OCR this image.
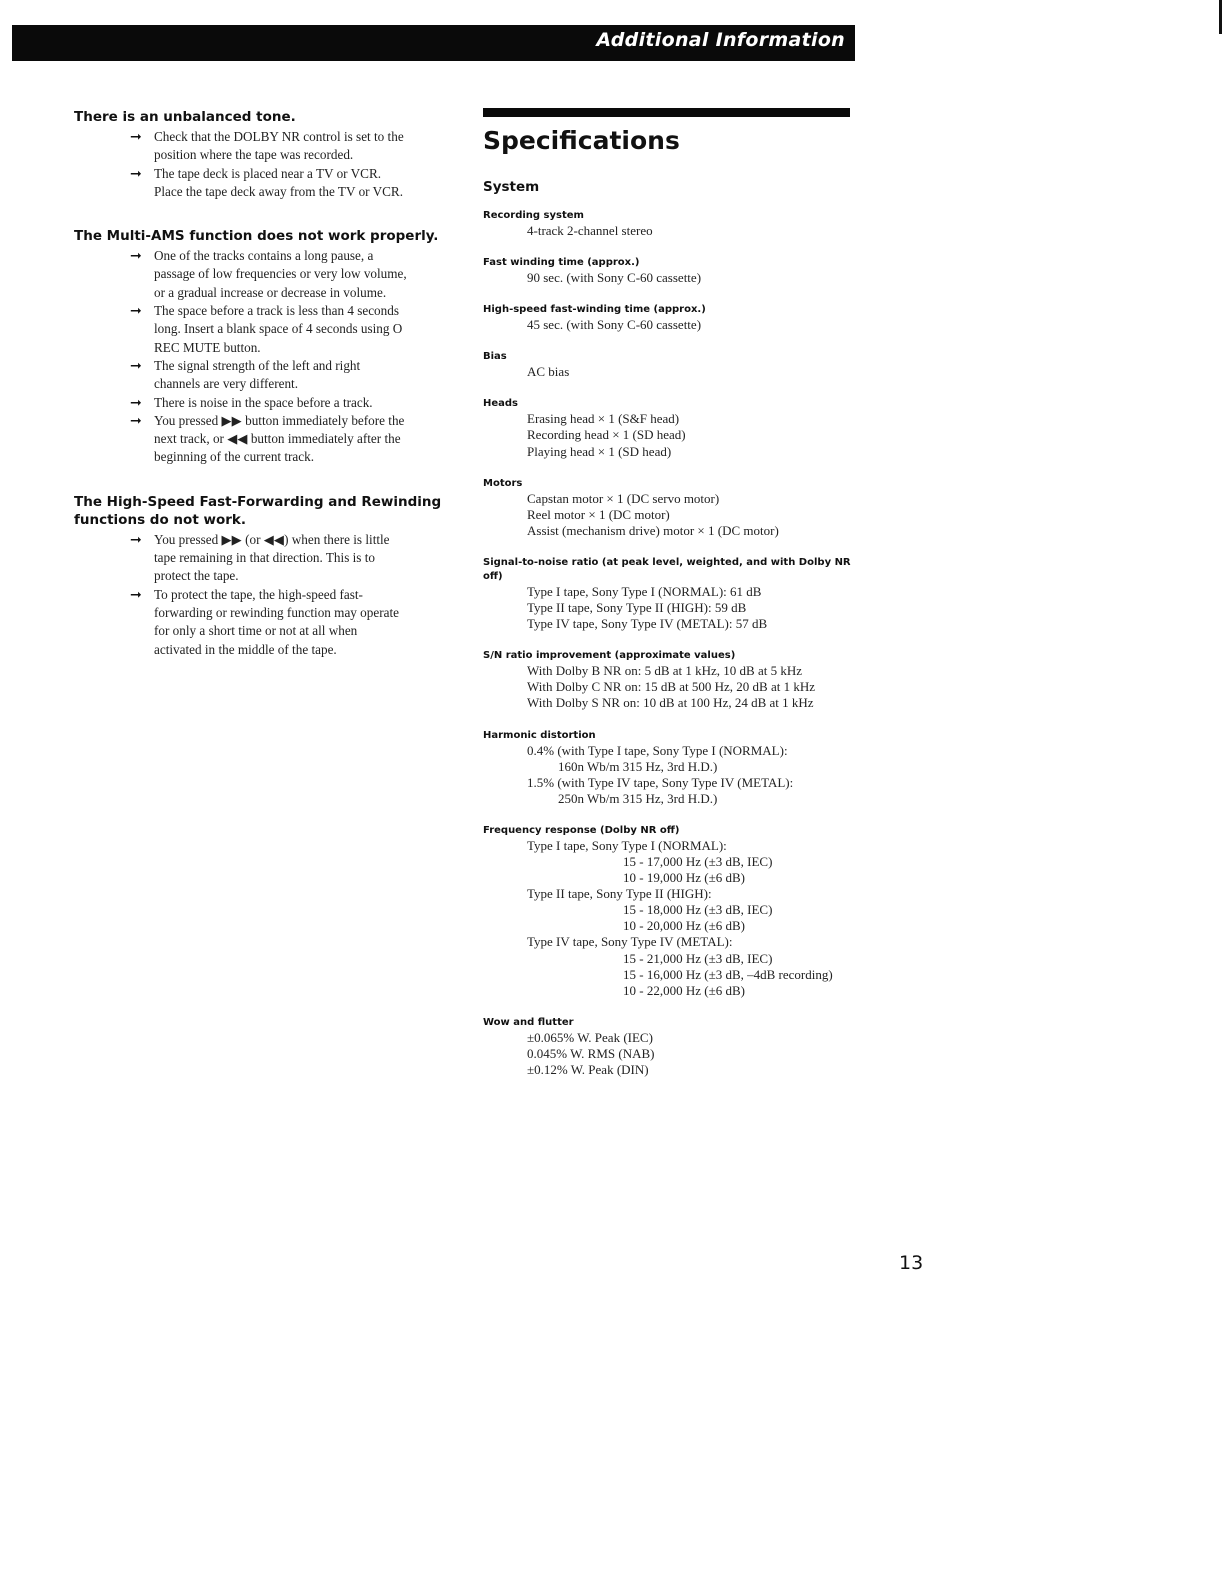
Additional Information
There is an unbalanced tone.
➞ Check that the DOLBY NR control is set to the
position where the tape was recorded.
➞ The tape deck is placed near a TV or VCR.
Place the tape deck away from the TV or VCR.
The Multi-AMS function does not work properly.
➞ One of the tracks contains a long pause, a
passage of low frequencies or very low volume,
or a gradual increase or decrease in volume.
➞ The space before a track is less than 4 seconds
long. Insert a blank space of 4 seconds using O
REC MUTE button.
➞ The signal strength of the left and right
channels are very different.
➞ There is noise in the space before a track.
➞ You pressed ▶▶ button immediately before the
next track, or ◀◀ button immediately after the
beginning of the current track.
The High-Speed Fast-Forwarding and Rewinding
functions do not work.
➞ You pressed ▶▶ (or ◀◀) when there is little
tape remaining in that direction. This is to
protect the tape.
➞ To protect the tape, the high-speed fast-
forwarding or rewinding function may operate
for only a short time or not at all when
activated in the middle of the tape.
Specifications
System
Recording system
4-track 2-channel stereo
Fast winding time (approx.)
90 sec. (with Sony C-60 cassette)
High-speed fast-winding time (approx.)
45 sec. (with Sony C-60 cassette)
Bias
AC bias
Heads
Erasing head × 1 (S&F head)
Recording head × 1 (SD head)
Playing head × 1 (SD head)
Motors
Capstan motor × 1 (DC servo motor)
Reel motor × 1 (DC motor)
Assist (mechanism drive) motor × 1 (DC motor)
Signal-to-noise ratio (at peak level, weighted, and with Dolby NR off)
Type I tape, Sony Type I (NORMAL): 61 dB
Type II tape, Sony Type II (HIGH): 59 dB
Type IV tape, Sony Type IV (METAL): 57 dB
S/N ratio improvement (approximate values)
With Dolby B NR on: 5 dB at 1 kHz, 10 dB at 5 kHz
With Dolby C NR on: 15 dB at 500 Hz, 20 dB at 1 kHz
With Dolby S NR on: 10 dB at 100 Hz, 24 dB at 1 kHz
Harmonic distortion
0.4% (with Type I tape, Sony Type I (NORMAL):
160n Wb/m 315 Hz, 3rd H.D.)
1.5% (with Type IV tape, Sony Type IV (METAL):
250n Wb/m 315 Hz, 3rd H.D.)
Frequency response (Dolby NR off)
Type I tape, Sony Type I (NORMAL):
15 - 17,000 Hz (±3 dB, IEC)
10 - 19,000 Hz (±6 dB)
Type II tape, Sony Type II (HIGH):
15 - 18,000 Hz (±3 dB, IEC)
10 - 20,000 Hz (±6 dB)
Type IV tape, Sony Type IV (METAL):
15 - 21,000 Hz (±3 dB, IEC)
15 - 16,000 Hz (±3 dB, –4dB recording)
10 - 22,000 Hz (±6 dB)
Wow and flutter
±0.065% W. Peak (IEC)
0.045% W. RMS (NAB)
±0.12% W. Peak (DIN)
13
